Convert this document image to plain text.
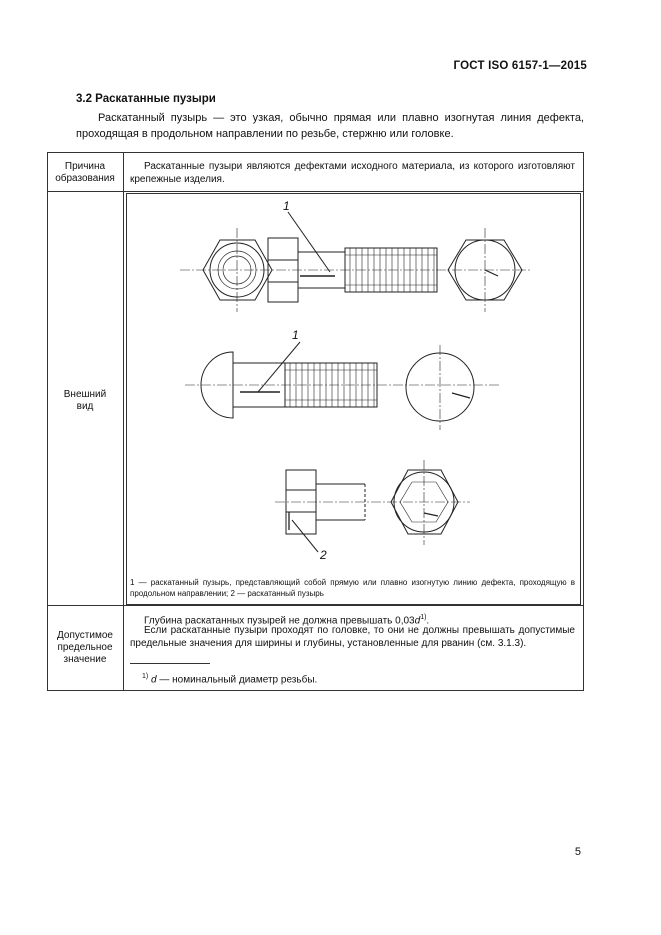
ГОСТ ISO 6157-1—2015
3.2 Раскатанные пузыри
Раскатанный пузырь — это узкая, обычно прямая или плавно изогнутая линия дефекта, проходящая в продольном направлении по резьбе, стержню или головке.
Причина образования
Внешний вид
Допустимое предельное значение
Раскатанные пузыри являются дефектами исходного материала, из которого изготовляют крепежные изделия.
1
1
2
1 — раскатанный пузырь, представляющий собой прямую или плавно изогнутую линию дефекта, проходящую в продольном направлении; 2 — раскатанный пузырь
Глубина раскатанных пузырей не должна превышать $0,03d^{1)}$.
Если раскатанные пузыри проходят по головке, то они не должны превышать допустимые предельные значения для ширины и глубины, установленные для рванин (см. 3.1.3).
$^{1)}$ d — номинальный диаметр резьбы.
5
